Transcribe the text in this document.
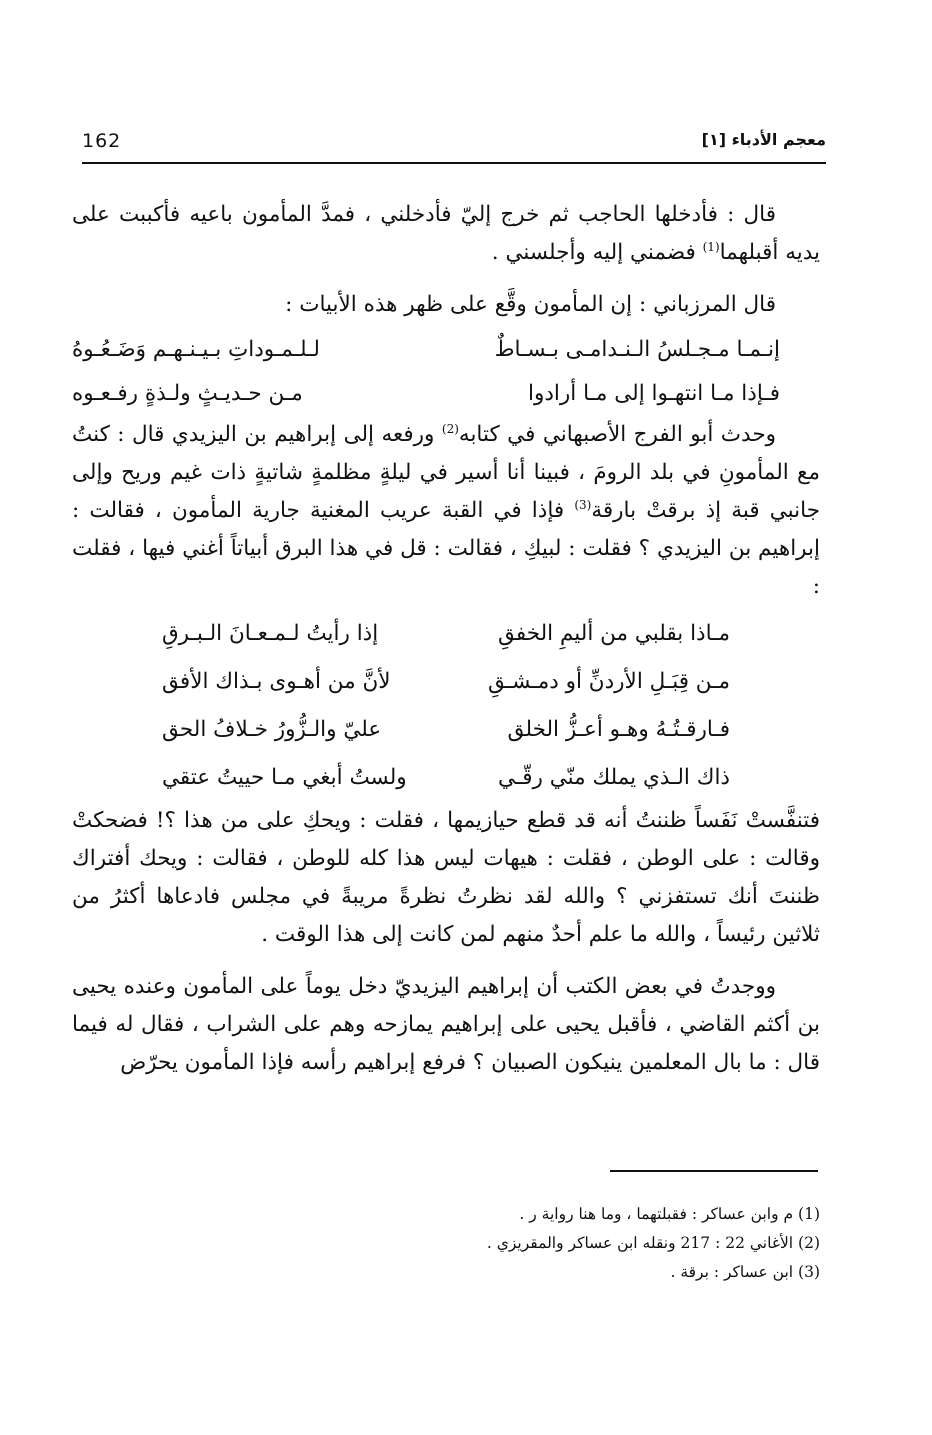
162	معجم الأدباء [١]

قال : فأدخلها الحاجب ثم خرج إليّ فأدخلني ، فمدَّ المأمون باعيه فأكببت على يديه أقبلهما$^{(1)}$ فضمني إليه وأجلسني .

قال المرزباني : إن المأمون وقَّع على ظهر هذه الأبيات :

إنـمـا مـجـلسُ الـنـدامـى بـسـاطٌ
لـلـمـوداتِ بـيـنـهـم وَضَـعُـوهُ
فـإذا مـا انتهـوا إلى مـا أرادوا
مـن حـديـثٍ ولـذةٍ رفـعـوه

وحدث أبو الفرج الأصبهاني في كتابه$^{(2)}$ ورفعه إلى إبراهيم بن اليزيدي قال : كنتُ مع المأمونِ في بلد الرومَ ، فبينا أنا أسير في ليلةٍ مظلمةٍ شاتيةٍ ذات غيم وريح وإلى جانبي قبة إذ برقتْ بارقة$^{(3)}$ فإذا في القبة عريب المغنية جارية المأمون ، فقالت : إبراهيم بن اليزيدي ؟ فقلت : لبيكِ ، فقالت : قل في هذا البرق أبياتاً أغني فيها ، فقلت :

مـاذا بقلبي من أليمِ الخفقِ
إذا رأيتُ لـمـعـانَ الـبـرقِ
مـن قِبَـلِ الأردنِّ أو دمـشـقِ
لأنَّ من أهـوى بـذاك الأفق
فـارقـتُـهُ وهـو أعـزُّ الخلق
عليّ والـزُّورُ خـلافُ الحق
ذاك الـذي يملك منّي رقّـي
ولستُ أبغي مـا حييتُ عتقي

فتنفَّستْ نَفَساً ظننتُ أنه قد قطع حيازيمها ، فقلت : ويحكِ على من هذا ؟! فضحكتْ وقالت : على الوطن ، فقلت : هيهات ليس هذا كله للوطن ، فقالت : ويحك أفتراك ظننتَ أنك تستفزني ؟ والله لقد نظرتُ نظرةً مريبةً في مجلس فادعاها أكثرُ من ثلاثين رئيساً ، والله ما علم أحدٌ منهم لمن كانت إلى هذا الوقت .

ووجدتُ في بعض الكتب أن إبراهيم اليزيديّ دخل يوماً على المأمون وعنده يحيى بن أكثم القاضي ، فأقبل يحيى على إبراهيم يمازحه وهم على الشراب ، فقال له فيما قال : ما بال المعلمين ينيكون الصبيان ؟ فرفع إبراهيم رأسه فإذا المأمون يحرّض

(1) م وابن عساكر : فقبلتهما ، وما هنا رواية ر .

(2) الأغاني 22 : 217 ونقله ابن عساكر والمقريزي .

(3) ابن عساكر : برقة .
